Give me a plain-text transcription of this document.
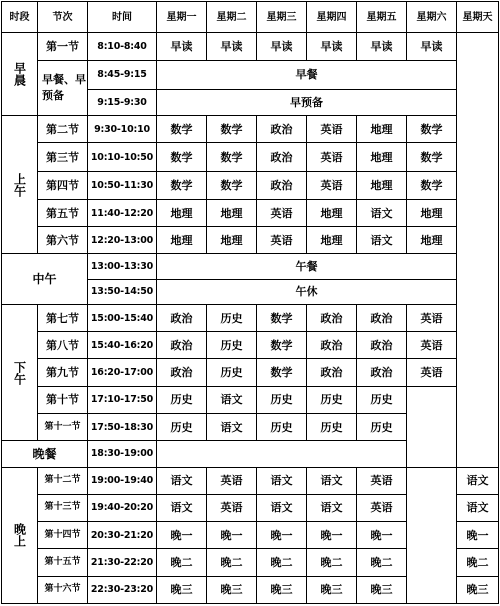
时段	节次	时间	星期一	星期二	星期三	星期四	星期五	星期六	星期天	
早晨	第一节	8:10-8:40	早读	早读	早读	早读	早读	早读		
	早餐、早预备	8:45-9:15	早餐							
		9:15-9:30	早预备							
上午	第二节	9:30-10:10	数学	数学	政治	英语	地理	数学		
	第三节	10:10-10:50	数学	数学	政治	英语	地理	数学		
	第四节	10:50-11:30	数学	数学	政治	英语	地理	数学		
	第五节	11:40-12:20	地理	地理	英语	地理	语文	地理		
	第六节	12:20-13:00	地理	地理	英语	地理	语文	地理		
中午		13:00-13:30	午餐							
		13:50-14:50	午休							
下午	第七节	15:00-15:40	政治	历史	数学	政治	政治	英语		
	第八节	15:40-16:20	政治	历史	数学	政治	政治	英语		
	第九节	16:20-17:00	政治	历史	数学	政治	政治	英语		
	第十节	17:10-17:50	历史	语文	历史	历史	历史			
	第十一节	17:50-18:30	历史	语文	历史	历史	历史			
晚餐		18:30-19:00		
晚上	第十二节	19:00-19:40	语文	英语	语文	语文	英语		语文	
	第十三节	19:40-20:20	语文	英语	语文	语文	英语		语文	
	第十四节	20:30-21:20	晚一	晚一	晚一	晚一	晚一		晚一	
	第十五节	21:30-22:20	晚二	晚二	晚二	晚二	晚二		晚二	
	第十六节	22:30-23:20	晚三	晚三	晚三	晚三	晚三		晚三	
